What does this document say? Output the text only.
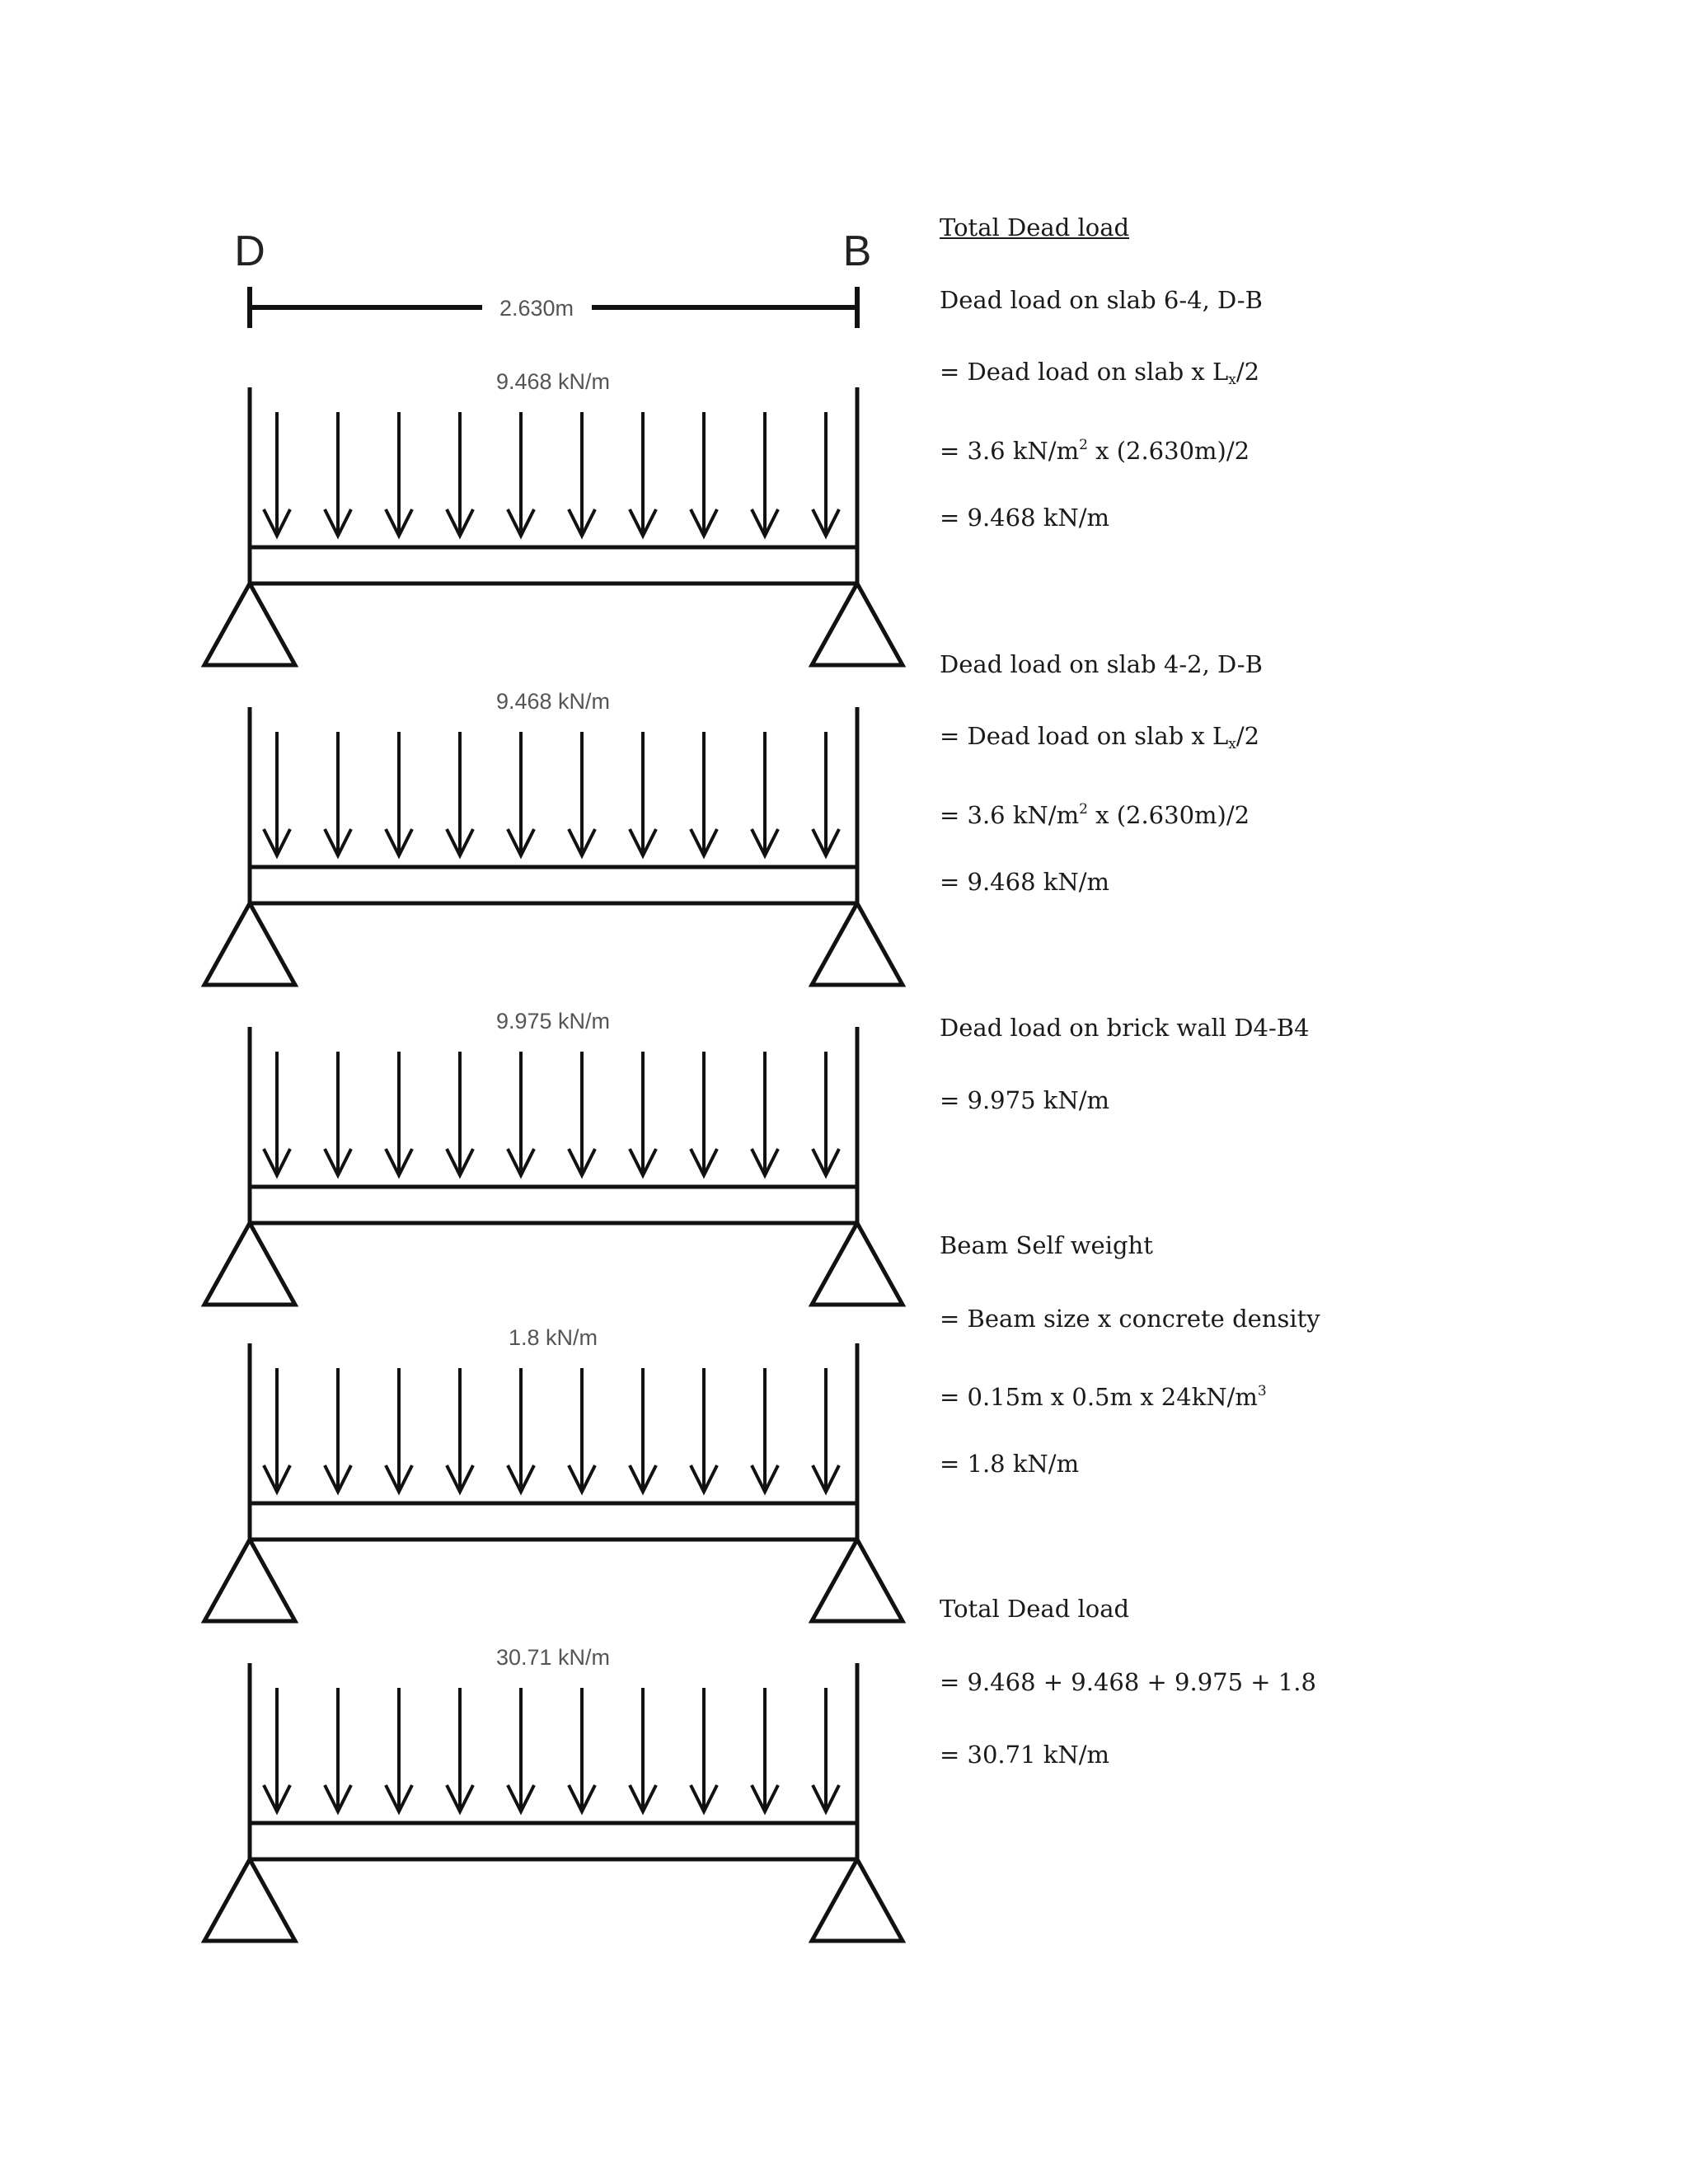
D	B
2.630m
9.468 kN/m
9.468 kN/m
9.975 kN/m
1.8 kN/m
30.71 kN/m
Total Dead load
Dead load on slab 6-4, D-B
= Dead load on slab x $L_x/2$
= 3.6 $kN/m^2$ x (2.630m)/2
= 9.468 kN/m
Dead load on slab 4-2, D-B
= Dead load on slab x $L_x/2$
= 3.6 $kN/m^2$ x (2.630m)/2
= 9.468 kN/m
Dead load on brick wall D4-B4
= 9.975 kN/m
Beam Self weight
= Beam size x concrete density
= 0.15m x 0.5m x $24kN/m^3$
= 1.8 kN/m
Total Dead load
= 9.468 + 9.468 + 9.975 + 1.8
= 30.71 kN/m
